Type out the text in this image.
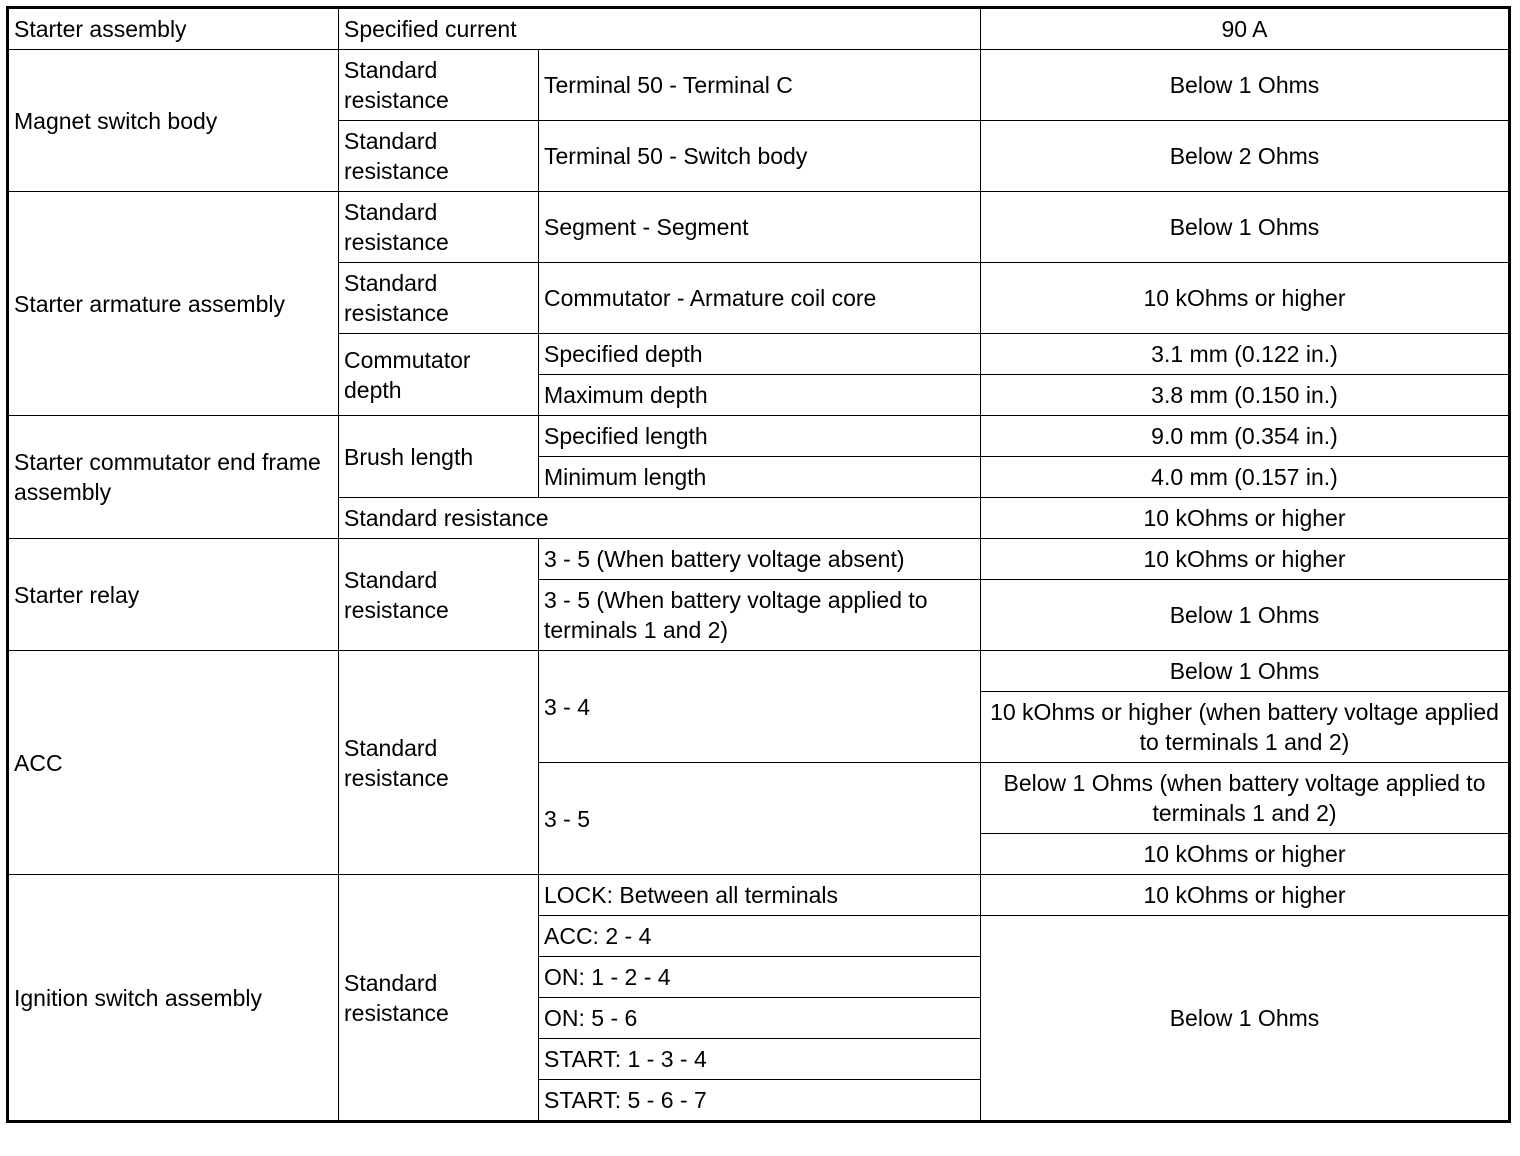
Starter assembly	Specified current		90 A
Magnet switch body	Standard resistance	Terminal 50 - Terminal C	Below 1 Ohms
	Standard resistance	Terminal 50 - Switch body	Below 2 Ohms
Starter armature assembly	Standard resistance	Segment - Segment	Below 1 Ohms
	Standard resistance	Commutator - Armature coil core	10 kOhms or higher
	Commutator depth	Specified depth	3.1 mm (0.122 in.)
		Maximum depth	3.8 mm (0.150 in.)
Starter commutator end frame assembly	Brush length	Specified length	9.0 mm (0.354 in.)
		Minimum length	4.0 mm (0.157 in.)
	Standard resistance		10 kOhms or higher
Starter relay	Standard resistance	3 - 5 (When battery voltage absent)	10 kOhms or higher
		3 - 5 (When battery voltage applied to terminals 1 and 2)	Below 1 Ohms
ACC	Standard resistance	3 - 4	Below 1 Ohms
			10 kOhms or higher (when battery voltage applied to terminals 1 and 2)
		3 - 5	Below 1 Ohms (when battery voltage applied to terminals 1 and 2)
			10 kOhms or higher
Ignition switch assembly	Standard resistance	LOCK: Between all terminals	10 kOhms or higher
		ACC: 2 - 4	Below 1 Ohms
		ON: 1 - 2 - 4	
		ON: 5 - 6	
		START: 1 - 3 - 4	
		START: 5 - 6 - 7	
